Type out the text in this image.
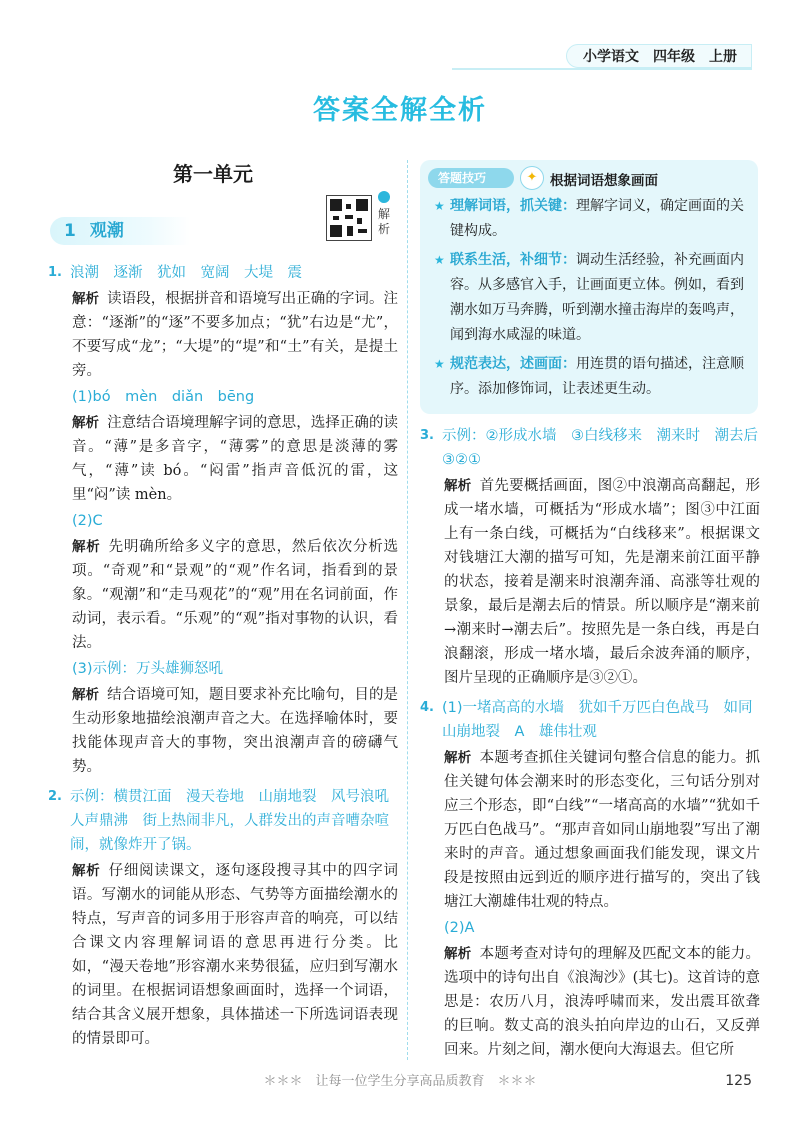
小学语文 四年级 上册
答案全解全析
第一单元
1 观潮
解析
1. 浪潮　逐渐　犹如　宽阔　大堤　震
解析 读语段，根据拼音和语境写出正确的字词。注意：“逐渐”的“逐”不要多加点；“犹”右边是“尤”，不要写成“龙”；“大堤”的“堤”和“土”有关，是提土旁。
(1)bó　mèn　diǎn　bēng
解析 注意结合语境理解字词的意思，选择正确的读音。“薄”是多音字，“薄雾”的意思是淡薄的雾气，“薄”读 bó。“闷雷”指声音低沉的雷，这里“闷”读 mèn。
(2)C
解析 先明确所给多义字的意思，然后依次分析选项。“奇观”和“景观”的“观”作名词，指看到的景象。“观潮”和“走马观花”的“观”用在名词前面，作动词，表示看。“乐观”的“观”指对事物的认识，看法。
(3)示例：万头雄狮怒吼
解析 结合语境可知，题目要求补充比喻句，目的是生动形象地描绘浪潮声音之大。在选择喻体时，要找能体现声音大的事物，突出浪潮声音的磅礴气势。
2. 示例：横贯江面　漫天卷地　山崩地裂　风号浪吼　人声鼎沸　街上热闹非凡，人群发出的声音嘈杂喧闹，就像炸开了锅。
解析 仔细阅读课文，逐句逐段搜寻其中的四字词语。写潮水的词能从形态、气势等方面描绘潮水的特点，写声音的词多用于形容声音的响亮，可以结合课文内容理解词语的意思再进行分类。比如，“漫天卷地”形容潮水来势很猛，应归到写潮水的词里。在根据词语想象画面时，选择一个词语，结合其含义展开想象，具体描述一下所选词语表现的情景即可。
答题技巧	✦ 根据词语想象画面
★ 理解词语，抓关键：理解字词义，确定画面的关键构成。
★ 联系生活，补细节：调动生活经验，补充画面内容。从多感官入手，让画面更立体。例如，看到潮水如万马奔腾，听到潮水撞击海岸的轰鸣声，闻到海水咸湿的味道。
★ 规范表达，述画面：用连贯的语句描述，注意顺序。添加修饰词，让表述更生动。
3. 示例：②形成水墙　③白线移来　潮来时　潮去后　③②①
解析 首先要概括画面，图②中浪潮高高翻起，形成一堵水墙，可概括为“形成水墙”；图③中江面上有一条白线，可概括为“白线移来”。根据课文对钱塘江大潮的描写可知，先是潮来前江面平静的状态，接着是潮来时浪潮奔涌、高涨等壮观的景象，最后是潮去后的情景。所以顺序是“潮来前→潮来时→潮去后”。按照先是一条白线，再是白浪翻滚，形成一堵水墙，最后余波奔涌的顺序，图片呈现的正确顺序是③②①。
4. (1)一堵高高的水墙　犹如千万匹白色战马　如同山崩地裂　A　雄伟壮观
解析 本题考查抓住关键词句整合信息的能力。抓住关键句体会潮来时的形态变化，三句话分别对应三个形态，即“白线”“一堵高高的水墙”“犹如千万匹白色战马”。“那声音如同山崩地裂”写出了潮来时的声音。通过想象画面我们能发现，课文片段是按照由远到近的顺序进行描写的，突出了钱塘江大潮雄伟壮观的特点。
(2)A
解析 本题考查对诗句的理解及匹配文本的能力。选项中的诗句出自《浪淘沙》(其七)。这首诗的意思是：农历八月，浪涛呼啸而来，发出震耳欲聋的巨响。数丈高的浪头拍向岸边的山石，又反弹回来。片刻之间，潮水便向大海退去。但它所
＊＊＊　让每一位学生分享高品质教育　＊＊＊	125
